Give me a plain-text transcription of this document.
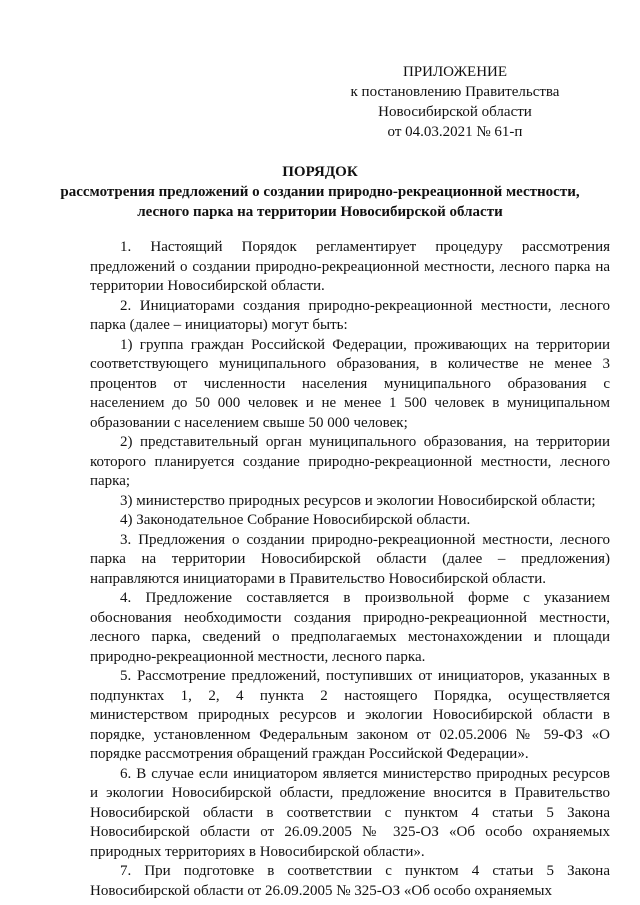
ПРИЛОЖЕНИЕ
к постановлению Правительства
Новосибирской области
от 04.03.2021 № 61-п
ПОРЯДОК
рассмотрения предложений о создании природно-рекреационной местности,
лесного парка на территории Новосибирской области

1. Настоящий Порядок регламентирует процедуру рассмотрения предложений о создании природно-рекреационной местности, лесного парка на территории Новосибирской области.

2. Инициаторами создания природно-рекреационной местности, лесного парка (далее – инициаторы) могут быть:

1) группа граждан Российской Федерации, проживающих на территории соответствующего муниципального образования, в количестве не менее 3 процентов от численности населения муниципального образования с населением до 50 000 человек и не менее 1 500 человек в муниципальном образовании с населением свыше 50 000 человек;

2) представительный орган муниципального образования, на территории которого планируется создание природно-рекреационной местности, лесного парка;

3) министерство природных ресурсов и экологии Новосибирской области;

4) Законодательное Собрание Новосибирской области.

3. Предложения о создании природно-рекреационной местности, лесного парка на территории Новосибирской области (далее – предложения) направляются инициаторами в Правительство Новосибирской области.

4. Предложение составляется в произвольной форме с указанием обоснования необходимости создания природно-рекреационной местности, лесного парка, сведений о предполагаемых местонахождении и площади природно-рекреационной местности, лесного парка.

5. Рассмотрение предложений, поступивших от инициаторов, указанных в подпунктах 1, 2, 4 пункта 2 настоящего Порядка, осуществляется министерством природных ресурсов и экологии Новосибирской области в порядке, установленном Федеральным законом от 02.05.2006 № 59-ФЗ «О порядке рассмотрения обращений граждан Российской Федерации».

6. В случае если инициатором является министерство природных ресурсов и экологии Новосибирской области, предложение вносится в Правительство Новосибирской области в соответствии с пунктом 4 статьи 5 Закона Новосибирской области от 26.09.2005 № 325-ОЗ «Об особо охраняемых природных территориях в Новосибирской области».

7. При подготовке в соответствии с пунктом 4 статьи 5 Закона Новосибирской области от 26.09.2005 № 325-ОЗ «Об особо охраняемых
